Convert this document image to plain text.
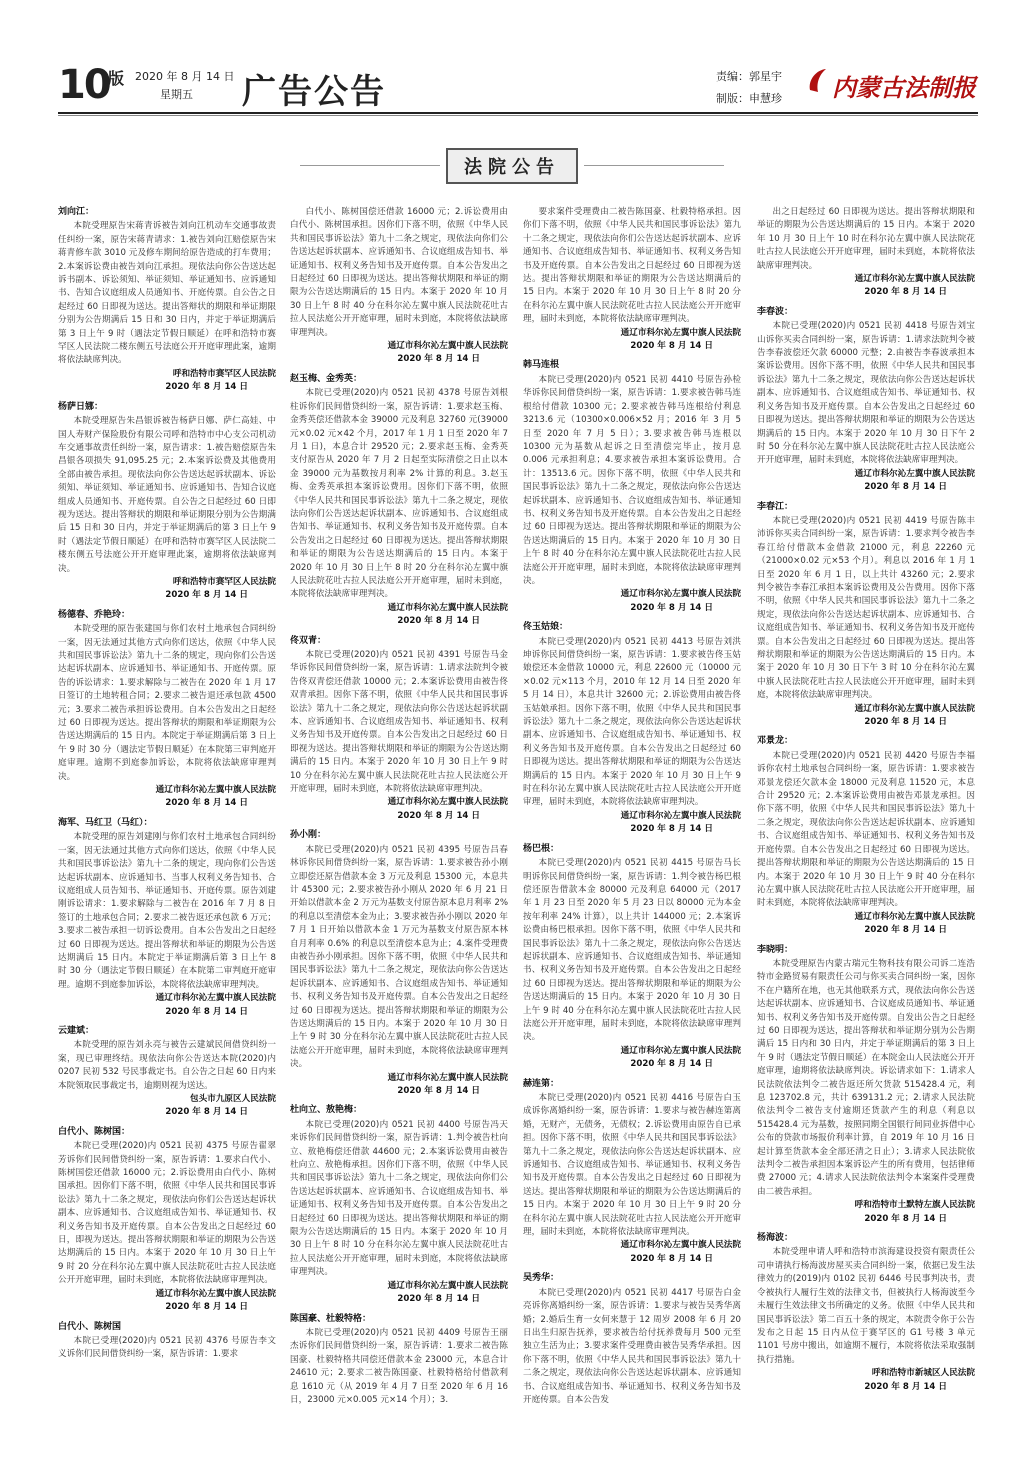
10
版 2020 年 8 月 14 日
星期五 广告公告	责编：郭星宇
制版：申慧珍 内蒙古法制报
法院公告
刘向江：
本院受理原告宋蒋青诉被告刘向江机动车交通事故责任纠纷一案，原告宋蒋青请求：1.被告刘向江赔偿原告宋蒋青修车款 3010 元及修车期间给原告造成的打车费用；2.本案诉讼费由被告刘向江承担。现依法向你公告送达起诉书副本、诉讼须知、举证须知、举证通知书、应诉通知书、告知合议庭组成人员通知书、开庭传票。自公告之日起经过 60 日即视为送达。提出答辩状的期限和举证期限分别为公告期满后 15 日和 30 日内，并定于举证期满后第 3 日上午 9 时（遇法定节假日顺延）在呼和浩特市赛罕区人民法院二楼东侧五号法庭公开开庭审理此案，逾期将依法缺席判决。
呼和浩特市赛罕区人民法院
2020 年 8 月 14 日
杨萨日娜：
本院受理原告朱昌银诉被告杨萨日娜、萨仁高娃、中国人寿财产保险股份有限公司呼和浩特市中心支公司机动车交通事故责任纠纷一案，原告请求：1.被告赔偿原告朱昌银各项损失 91,095.25 元；2.本案诉讼费及其他费用全部由被告承担。现依法向你公告送达起诉状副本、诉讼须知、举证须知、举证通知书、应诉通知书、告知合议庭组成人员通知书、开庭传票。自公告之日起经过 60 日即视为送达。提出答辩状的期限和举证期限分别为公告期满后 15 日和 30 日内，并定于举证期满后的第 3 日上午 9 时（遇法定节假日顺延）在呼和浩特市赛罕区人民法院二楼东侧五号法庭公开开庭审理此案，逾期将依法缺席判决。
呼和浩特市赛罕区人民法院
2020 年 8 月 14 日
杨德春、乔艳玲：
本院受理的原告张建国与你们农村土地承包合同纠纷一案，因无法通过其他方式向你们送达，依照《中华人民共和国民事诉讼法》第九十二条的规定，现向你们公告送达起诉状副本、应诉通知书、举证通知书、开庭传票。原告的诉讼请求：1.要求解除与二被告在 2020 年 1 月 17 日签订的土地转租合同；2.要求二被告退还承包款 4500 元；3.要求二被告承担诉讼费用。自本公告发出之日起经过 60 日即视为送达。提出答辩状的期限和举证期限为公告送达期满后的 15 日内。本院定于举证期满后第 3 日上午 9 时 30 分（遇法定节假日顺延）在本院第三审判庭开庭审理。逾期不到庭参加诉讼，本院将依法缺席审理判决。
通辽市科尔沁左翼中旗人民法院
2020 年 8 月 14 日
海军、马红卫（马红）：
本院受理的原告刘建刚与你们农村土地承包合同纠纷一案，因无法通过其他方式向你们送达，依照《中华人民共和国民事诉讼法》第九十二条的规定，现向你们公告送达起诉状副本、应诉通知书、当事人权利义务告知书、合议庭组成人员告知书、举证通知书、开庭传票。原告刘建刚诉讼请求：1.要求解除与二被告在 2016 年 7 月 8 日签订的土地承包合同；2.要求二被告返还承包款 6 万元；3.要求二被告承担一切诉讼费用。自本公告发出之日起经过 60 日即视为送达。提出答辩状和举证的期限为公告送达期满后 15 日内。本院定于举证期满后第 3 日上午 8 时 30 分（遇法定节假日顺延）在本院第二审判庭开庭审理。逾期不到庭参加诉讼，本院将依法缺席审理判决。
通辽市科尔沁左翼中旗人民法院
2020 年 8 月 14 日
云建斌：
本院受理的原告刘永亮与被告云建斌民间借贷纠纷一案，现已审理终结。现依法向你公告送达本院(2020)内 0207 民初 532 号民事裁定书。自公告之日起 60 日内来本院领取民事裁定书，逾期则视为送达。
包头市九原区人民法院
2020 年 8 月 14 日
白代小、陈树国：
本院已受理(2020)内 0521 民初 4375 号原告翟翠芳诉你们民间借贷纠纷一案，原告诉请：1.要求白代小、陈树国偿还借款 16000 元；2.诉讼费用由白代小、陈树国承担。因你们下落不明，依照《中华人民共和国民事诉讼法》第九十二条之规定，现依法向你们公告送达起诉状副本、应诉通知书、合议庭组成告知书、举证通知书、权利义务告知书及开庭传票。自本公告发出之日起经过 60 日，即视为送达。提出答辩状期限和举证的期限为公告送达期满后的 15 日内。本案于 2020 年 10 月 30 日上午 9 时 20 分在科尔沁左翼中旗人民法院花吐古拉人民法庭公开开庭审理，届时未到庭，本院将依法缺席审理判决。
通辽市科尔沁左翼中旗人民法院
2020 年 8 月 14 日
白代小、陈树国
本院已受理(2020)内 0521 民初 4376 号原告李文义诉你们民间借贷纠纷一案，原告诉请：1.要求
白代小、陈树国偿还借款 16000 元；2.诉讼费用由白代小、陈树国承担。因你们下落不明，依照《中华人民共和国民事诉讼法》第九十二条之规定，现依法向你们公告送达起诉状副本、应诉通知书、合议庭组成告知书、举证通知书、权利义务告知书及开庭传票。自本公告发出之日起经过 60 日即视为送达。提出答辩状期限和举证的期限为公告送达期满后的 15 日内。本案于 2020 年 10 月 30 日上午 8 时 40 分在科尔沁左翼中旗人民法院花吐古拉人民法庭公开开庭审理，届时未到庭，本院将依法缺席审理判决。
通辽市科尔沁左翼中旗人民法院
2020 年 8 月 14 日
赵玉梅、金秀英：
本院已受理(2020)内 0521 民初 4378 号原告刘根柱诉你们民间借贷纠纷一案，原告诉请：1.要求赵玉梅、金秀英偿还借款本金 39000 元及利息 32760 元(39000 元×0.02 元×42 个月，2017 年 1 月 1 日至 2020 年 7 月 1 日)，本息合计 29520 元；2.要求赵玉梅、金秀英支付原告从 2020 年 7 月 2 日起至实际清偿之日止以本金 39000 元为基数按月利率 2% 计算的利息。3.赵玉梅、金秀英承担本案诉讼费用。因你们下落不明，依照《中华人民共和国民事诉讼法》第九十二条之规定，现依法向你们公告送达起诉状副本、应诉通知书、合议庭组成告知书、举证通知书、权利义务告知书及开庭传票。自本公告发出之日起经过 60 日即视为送达。提出答辩状期限和举证的期限为公告送达期满后的 15 日内。本案于 2020 年 10 月 30 日上午 8 时 20 分在科尔沁左翼中旗人民法院花吐古拉人民法庭公开开庭审理，届时未到庭，本院将依法缺席审理判决。
通辽市科尔沁左翼中旗人民法院
2020 年 8 月 14 日
佟双青：
本院已受理(2020)内 0521 民初 4391 号原告马金华诉你民间借贷纠纷一案，原告诉请：1.请求法院判令被告佟双青偿还借款 10000 元；2.本案诉讼费用由被告佟双青承担。因你下落不明，依照《中华人民共和国民事诉讼法》第九十二条之规定，现依法向你公告送达起诉状副本、应诉通知书、合议庭组成告知书、举证通知书、权利义务告知书及开庭传票。自本公告发出之日起经过 60 日即视为送达。提出答辩状期限和举证的期限为公告送达期满后的 15 日内。本案于 2020 年 10 月 30 日上午 9 时 10 分在科尔沁左翼中旗人民法院花吐古拉人民法庭公开开庭审理，届时未到庭，本院将依法缺席审理判决。
通辽市科尔沁左翼中旗人民法院
2020 年 8 月 14 日
孙小刚：
本院已受理(2020)内 0521 民初 4395 号原告吕春林诉你民间借贷纠纷一案，原告诉请：1.要求被告孙小刚立即偿还原告借款本金 3 万元及利息 15300 元，本息共计 45300 元；2.要求被告孙小刚从 2020 年 6 月 21 日开始以借款本金 2 万元为基数支付原告原本息月利率 2% 的利息以至清偿本金为止；3.要求被告孙小刚以 2020 年 7 月 1 日开始以借款本金 1 万元为基数支付原告原本林自月利率 0.6% 的利息以至清偿本息为止；4.案件受理费由被告孙小刚承担。因你下落不明，依照《中华人民共和国民事诉讼法》第九十二条之规定，现依法向你公告送达起诉状副本、应诉通知书、合议庭组成告知书、举证通知书、权利义务告知书及开庭传票。自本公告发出之日起经过 60 日即视为送达。提出答辩状期限和举证的期限为公告送达期满后的 15 日内。本案于 2020 年 10 月 30 日上午 9 时 30 分在科尔沁左翼中旗人民法院花吐古拉人民法庭公开开庭审理，届时未到庭，本院将依法缺席审理判决。
通辽市科尔沁左翼中旗人民法院
2020 年 8 月 14 日
杜向立、敖艳梅：
本院已受理(2020)内 0521 民初 4400 号原告冯天来诉你们民间借贷纠纷一案，原告诉请：1.判令被告杜向立、敖艳梅偿还借款 44600 元；2.本案诉讼费用由被告杜向立、敖艳梅承担。因你们下落不明，依照《中华人民共和国民事诉讼法》第九十二条之规定，现依法向你们公告送达起诉状副本、应诉通知书、合议庭组成告知书、举证通知书、权利义务告知书及开庭传票。自本公告发出之日起经过 60 日即视为送达。提出答辩状期限和举证的期限为公告送达期满后的 15 日内。本案于 2020 年 10 月 30 日上午 8 时 10 分在科尔沁左翼中旗人民法院花吐古拉人民法庭公开开庭审理，届时未到庭，本院将依法缺席审理判决。
通辽市科尔沁左翼中旗人民法院
2020 年 8 月 14 日
陈国豪、杜毅特格：
本院已受理(2020)内 0521 民初 4409 号原告王丽杰诉你们民间借贷纠纷一案，原告诉请：1.要求二被告陈国豪、杜毅特格共同偿还借款本金 23000 元，本息合计 24610 元；2.要求二被告陈国豪、杜毅特格给付借款利息 1610 元（从 2019 年 4 月 7 日至 2020 年 6 月 16 日，23000 元×0.005 元×14 个月）；3.
要求案件受理费由二被告陈国豪、杜毅特格承担。因你们下落不明，依照《中华人民共和国民事诉讼法》第九十二条之规定，现依法向你们公告送达起诉状副本、应诉通知书、合议庭组成告知书、举证通知书、权利义务告知书及开庭传票。自本公告发出之日起经过 60 日即视为送达。提出答辩状期限和举证的期限为公告送达期满后的 15 日内。本案于 2020 年 10 月 30 日上午 8 时 20 分在科尔沁左翼中旗人民法院花吐古拉人民法庭公开开庭审理，届时未到庭，本院将依法缺席审理判决。
通辽市科尔沁左翼中旗人民法院
2020 年 8 月 14 日
韩马连根
本院已受理(2020)内 0521 民初 4410 号原告孙检华诉你民间借贷纠纷一案，原告诉请：1.要求被告韩马连根给付借款 10300 元；2.要求被告韩马连根给付利息 3213.6 元（10300×0.006×52 月；2016 年 3 月 5 日至 2020 年 7 月 5 日）；3.要求被告韩马连根以 10300 元为基数从起诉之日至清偿完毕止，按月息 0.006 元承担利息；4.要求被告承担本案诉讼费用。合计：13513.6 元。因你下落不明，依照《中华人民共和国民事诉讼法》第九十二条之规定，现依法向你公告送达起诉状副本、应诉通知书、合议庭组成告知书、举证通知书、权利义务告知书及开庭传票。自本公告发出之日起经过 60 日即视为送达。提出答辩状期限和举证的期限为公告送达期满后的 15 日内。本案于 2020 年 10 月 30 日上午 8 时 40 分在科尔沁左翼中旗人民法院花吐古拉人民法庭公开开庭审理，届时未到庭，本院将依法缺席审理判决。
通辽市科尔沁左翼中旗人民法院
2020 年 8 月 14 日
佟玉姑娘：
本院已受理(2020)内 0521 民初 4413 号原告刘洪坤诉你民间借贷纠纷一案，原告诉请：1.要求被告佟玉姑娘偿还本金借款 10000 元，利息 22600 元（10000 元×0.02 元×113 个月，2010 年 12 月 14 日至 2020 年 5 月 14 日），本息共计 32600 元；2.诉讼费用由被告佟玉姑娘承担。因你下落不明，依照《中华人民共和国民事诉讼法》第九十二条之规定，现依法向你公告送达起诉状副本、应诉通知书、合议庭组成告知书、举证通知书、权利义务告知书及开庭传票。自本公告发出之日起经过 60 日即视为送达。提出答辩状期限和举证的期限为公告送达期满后的 15 日内。本案于 2020 年 10 月 30 日上午 9 时在科尔沁左翼中旗人民法院花吐古拉人民法庭公开开庭审理，届时未到庭，本院将依法缺席审理判决。
通辽市科尔沁左翼中旗人民法院
2020 年 8 月 14 日
杨巴根：
本院已受理(2020)内 0521 民初 4415 号原告马长明诉你民间借贷纠纷一案，原告诉请：1.判令被告杨巴根偿还原告借款本金 80000 元及利息 64000 元（2017 年 1 月 23 日至 2020 年 5 月 23 日以 80000 元为本金按年利率 24% 计算），以上共计 144000 元；2.本案诉讼费由杨巴根承担。因你下落不明，依照《中华人民共和国民事诉讼法》第九十二条之规定，现依法向你公告送达起诉状副本、应诉通知书、合议庭组成告知书、举证通知书、权利义务告知书及开庭传票。自本公告发出之日起经过 60 日即视为送达。提出答辩状期限和举证的期限为公告送达期满后的 15 日内。本案于 2020 年 10 月 30 日上午 9 时 40 分在科尔沁左翼中旗人民法院花吐古拉人民法庭公开开庭审理，届时未到庭，本院将依法缺席审理判决。
通辽市科尔沁左翼中旗人民法院
2020 年 8 月 14 日
赫连第：
本院已受理(2020)内 0521 民初 4416 号原告白玉成诉你离婚纠纷一案，原告诉请：1.要求与被告赫连第离婚，无财产，无债务，无债权；2.诉讼费用由原告自已承担。因你下落不明，依照《中华人民共和国民事诉讼法》第九十二条之规定，现依法向你公告送达起诉状副本、应诉通知书、合议庭组成告知书、举证通知书、权利义务告知书及开庭传票。自本公告发出之日起经过 60 日即视为送达。提出答辩状期限和举证的期限为公告送达期满后的 15 日内。本案于 2020 年 10 月 30 日上午 9 时 20 分在科尔沁左翼中旗人民法院花吐古拉人民法庭公开开庭审理，届时未到庭，本院将依法缺席审理判决。
通辽市科尔沁左翼中旗人民法院
2020 年 8 月 14 日
吴秀华：
本院已受理(2020)内 0521 民初 4417 号原告白金亮诉你离婚纠纷一案，原告诉请：1.要求与被告吴秀华离婚；2.婚后生育一女何来慧于 12 周岁 2008 年 6 月 20 日出生归原告抚养，要求被告给付抚养费每月 500 元至独立生活为止；3.要求案件受理费由被告吴秀华承担。因你下落不明，依照《中华人民共和国民事诉讼法》第九十二条之规定，现依法向你公告送达起诉状副本、应诉通知书、合议庭组成告知书、举证通知书、权利义务告知书及开庭传票。自本公告发
出之日起经过 60 日即视为送达。提出答辩状期限和举证的期限为公告送达期满后的 15 日内。本案于 2020 年 10 月 30 日上午 10 时在科尔沁左翼中旗人民法院花吐古拉人民法庭公开开庭审理，届时未到庭，本院将依法缺席审理判决。
通辽市科尔沁左翼中旗人民法院
2020 年 8 月 14 日
李春波：
本院已受理(2020)内 0521 民初 4418 号原告刘宝山诉你买卖合同纠纷一案，原告诉请：1.请求法院判令被告李春波偿还欠款 60000 元整；2.由被告李春波承担本案诉讼费用。因你下落不明，依照《中华人民共和国民事诉讼法》第九十二条之规定，现依法向你公告送达起诉状副本、应诉通知书、合议庭组成告知书、举证通知书、权利义务告知书及开庭传票。自本公告发出之日起经过 60 日即视为送达。提出答辩状期限和举证的期限为公告送达期满后的 15 日内。本案于 2020 年 10 月 30 日下午 2 时 50 分在科尔沁左翼中旗人民法院花吐古拉人民法庭公开开庭审理，届时未到庭，本院将依法缺席审理判决。
通辽市科尔沁左翼中旗人民法院
2020 年 8 月 14 日
李春江：
本院已受理(2020)内 0521 民初 4419 号原告陈丰沛诉你买卖合同纠纷一案，原告诉请：1.要求判令被告李春江给付借款本金借款 21000 元，利息 22260 元（21000×0.02 元×53 个月）。利息以 2016 年 1 月 1 日至 2020 年 6 月 1 日，以上共计 43260 元；2.要求判令被告李春江承担本案诉讼费用及公告费用。因你下落不明，依照《中华人民共和国民事诉讼法》第九十二条之规定，现依法向你公告送达起诉状副本、应诉通知书、合议庭组成告知书、举证通知书、权利义务告知书及开庭传票。自本公告发出之日起经过 60 日即视为送达。提出答辩状期限和举证的期限为公告送达期满后的 15 日内。本案于 2020 年 10 月 30 日下午 3 时 10 分在科尔沁左翼中旗人民法院花吐古拉人民法庭公开开庭审理，届时未到庭，本院将依法缺席审理判决。
通辽市科尔沁左翼中旗人民法院
2020 年 8 月 14 日
邓景龙：
本院已受理(2020)内 0521 民初 4420 号原告李福诉你农村土地承包合同纠纷一案，原告诉请：1.要求被告邓景龙偿还欠款本金 18000 元及利息 11520 元，本息合计 29520 元；2.本案诉讼费用由被告邓景龙承担。因你下落不明，依照《中华人民共和国民事诉讼法》第九十二条之规定，现依法向你公告送达起诉状副本、应诉通知书、合议庭组成告知书、举证通知书、权利义务告知书及开庭传票。自本公告发出之日起经过 60 日即视为送达。提出答辩状期限和举证的期限为公告送达期满后的 15 日内。本案于 2020 年 10 月 30 日上午 9 时 40 分在科尔沁左翼中旗人民法院花吐古拉人民法庭公开开庭审理，届时未到庭，本院将依法缺席审理判决。
通辽市科尔沁左翼中旗人民法院
2020 年 8 月 14 日
李晓明：
本院受理原告内蒙古瑞元生物科技有限公司诉二连浩特市金路贸易有限责任公司与你买卖合同纠纷一案，因你不在户籍所在地，也无其他联系方式，现依法向你公告送达起诉状副本、应诉通知书、合议庭成员通知书、举证通知书、权利义务告知书及开庭传票。自发出公告之日起经过 60 日即视为送达，提出答辩状和举证期分别为公告期满后 15 日内和 30 日内，并定于举证期满后的第 3 日上午 9 时（遇法定节假日顺延）在本院金山人民法庭公开开庭审理，逾期将依法缺席判决。诉讼请求如下：1.请求人民法院依法判令二被告返还所欠货款 515428.4 元，利息 123702.8 元，共计 639131.2 元；2.请求人民法院依法判令二被告支付逾期还货款产生的利息（利息以 515428.4 元为基数，按照同期全国银行间同业拆借中心公布的贷款市场报价利率计算，自 2019 年 10 月 16 日起计算至货款本金全部还清之日止）；3.请求人民法院依法判令二被告承担因本案诉讼产生的所有费用，包括律师费 27000 元；4.请求人民法院依法判令本案案件受理费由二被告承担。
呼和浩特市土默特左旗人民法院
2020 年 8 月 14 日
杨海波：
本院受理申请人呼和浩特市滨海建设投资有限责任公司申请执行杨海波房屋买卖合同纠纷一案，依据已发生法律效力的(2019)内 0102 民初 6446 号民事判决书，责令被执行人履行生效的法律文书，但被执行人杨海波至今未履行生效法律文书所确定的义务。依照《中华人民共和国民事诉讼法》第二百五十条的规定，本院责令你于公告发布之日起 15 日内从位于赛罕区的 G1 号楼 3 单元 1101 号房中搬出，如逾期不履行，本院将依法采取强制执行措施。
呼和浩特市新城区人民法院
2020 年 8 月 14 日
